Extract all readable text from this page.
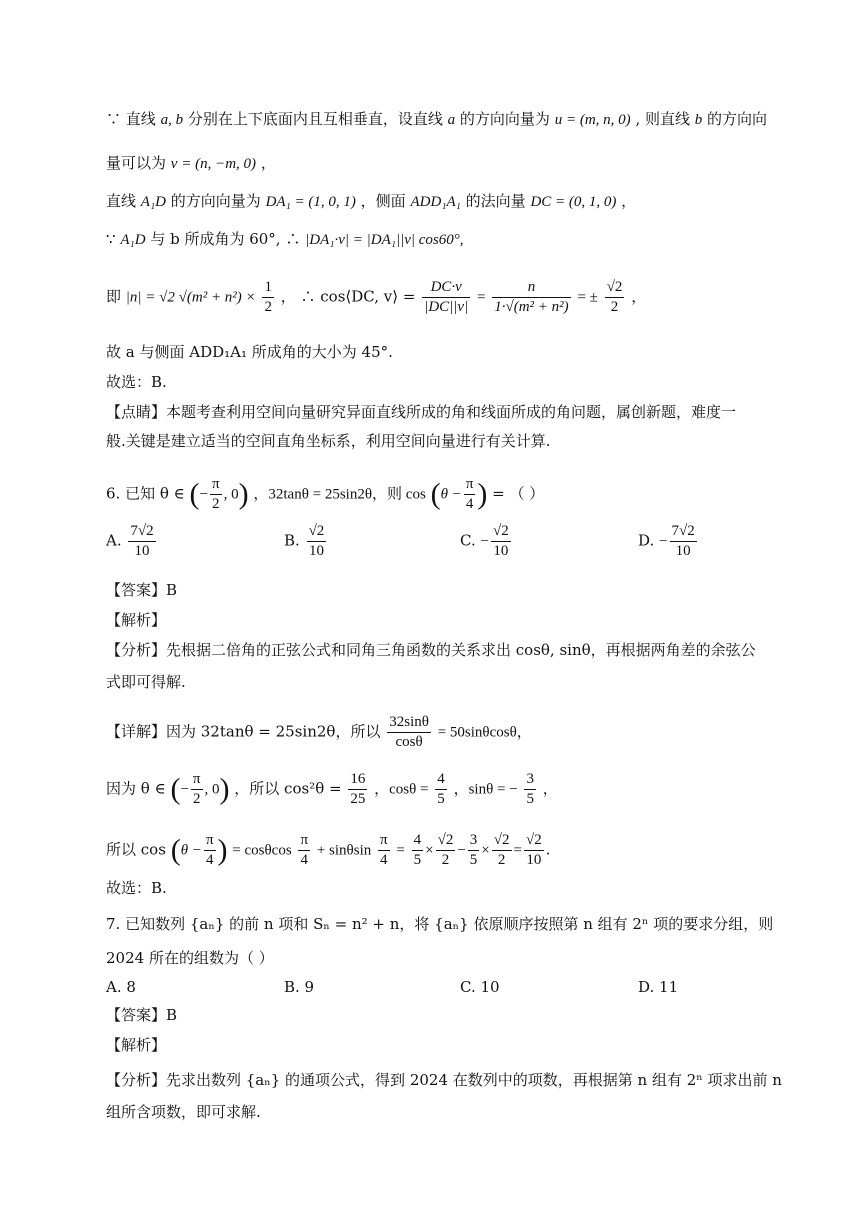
∵ 直线 a, b 分别在上下底面内且互相垂直，设直线 a 的方向向量为 u = (m, n, 0) , 则直线 b 的方向向
量可以为 v = (n, −m, 0) ，
直线 A₁D 的方向向量为 DA₁ = (1, 0, 1) ，侧面 ADD₁A₁ 的法向量 DC = (0, 1, 0) ，
∵ A₁D 与 b 所成角为 60°, ∴ |DA₁·v| = |DA₁||v| cos60°,
即 |n| = √2 $√(m^2 + n^2) \times \frac{1}{2}$ ， ∴ cos⟨DC, v⟩ = $\frac{DC\cdot v}{|DC||v|} = \frac{n}{\text{1·√(m² + n²)}}$ = ± $\frac{√2}{2}$ ，
故 a 与侧面 ADD₁A₁ 所成角的大小为 45°.
故选：B.
【点睛】本题考查利用空间向量研究异面直线所成的角和线面所成的角问题，属创新题，难度一
般.关键是建立适当的空间直角坐标系，利用空间向量进行有关计算.
6. 已知 θ ∈ (− $\frac{\pi}{2}$ , 0) ，32tanθ = 25sin2θ，则 $\cos (\theta - \frac{\pi}{4}$ ) = （ ）
A. $\frac{7√2}{10}$	B. $\frac{√2}{10}$	C. − $\frac{√2}{10}$	D. − $\frac{7√2}{10}$
【答案】B
【解析】
【分析】先根据二倍角的正弦公式和同角三角函数的关系求出 cosθ, sinθ，再根据两角差的余弦公
式即可得解.
【详解】因为 32tanθ = 25sin2θ，所以 $\frac{32\sin\theta}{\cos\theta} = 50\sin\theta\cos\theta$，
因为 θ ∈ (− $\frac{\pi}{2}$ , 0) ，所以 $\cos^2\theta = \frac{16}{25}$ ，$\cos\theta = \frac{4}{5}$ ，sinθ = − $\frac{3}{5}$ ，
所以 $\cos (\theta - \frac{\pi}{4}$ ) = cosθcos $\frac{\pi}{4} + \sin\theta\sin \frac{\pi}{4} = \frac{4}{5} \times \frac{√2}{2} - \frac{3}{5} \times \frac{√2}{2} = \frac{√2}{10}$ .
故选：B.
7. 已知数列 {aₙ} 的前 n 项和 Sₙ = n² + n，将 {aₙ} 依原顺序按照第 n 组有 2ⁿ 项的要求分组，则
2024 所在的组数为（ ）
A. 8	B. 9	C. 10	D. 11
【答案】B
【解析】
【分析】先求出数列 {aₙ} 的通项公式，得到 2024 在数列中的项数，再根据第 n 组有 2ⁿ 项求出前 n
组所含项数，即可求解.
